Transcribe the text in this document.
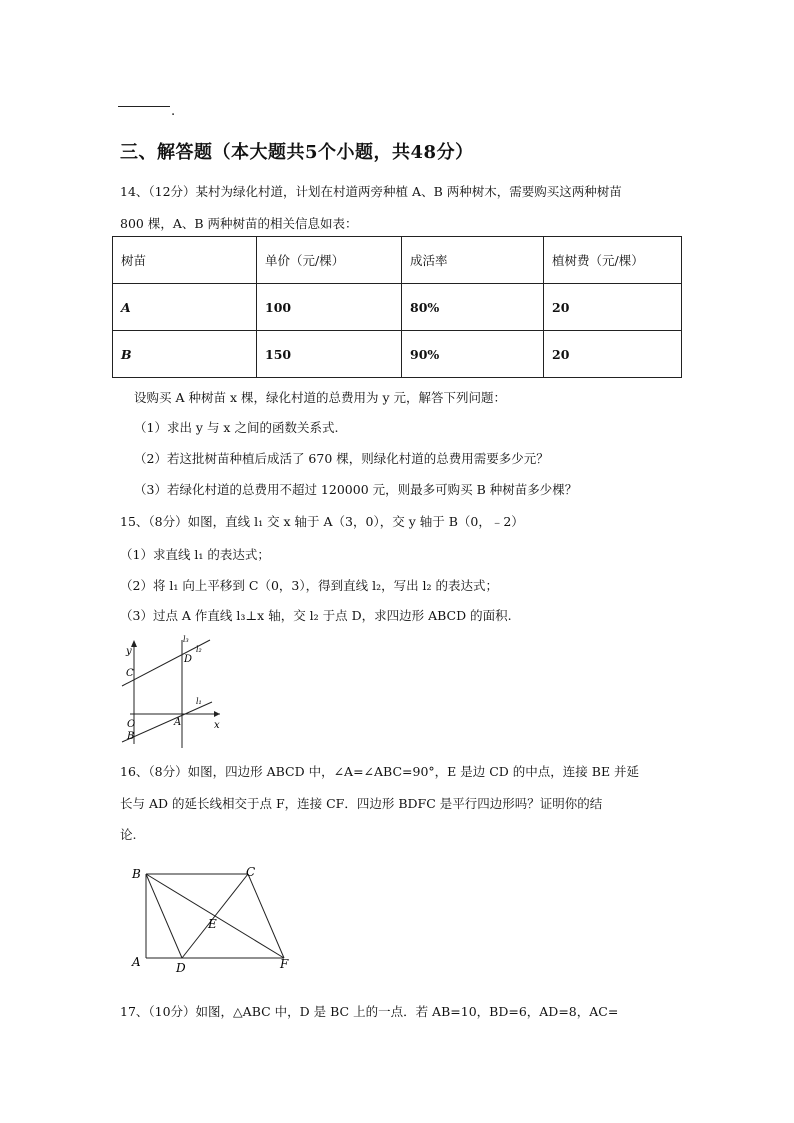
.
三、解答题（本大题共5个小题，共48分）
14、（12分）某村为绿化村道，计划在村道两旁种植 A、B 两种树木，需要购买这两种树苗
800 棵，A、B 两种树苗的相关信息如表：
树苗	单价（元/棵）	成活率	植树费（元/棵）
A	100	80%	20
B	150	90%	20
设购买 A 种树苗 x 棵，绿化村道的总费用为 y 元，解答下列问题：
（1）求出 y 与 x 之间的函数关系式.
（2）若这批树苗种植后成活了 670 棵，则绿化村道的总费用需要多少元？
（3）若绿化村道的总费用不超过 120000 元，则最多可购买 B 种树苗多少棵？
15、（8分）如图，直线 l₁ 交 x 轴于 A（3，0），交 y 轴于 B（0，﹣2）
（1）求直线 l₁ 的表达式；
（2）将 l₁ 向上平移到 C（0，3），得到直线 l₂，写出 l₂ 的表达式；
（3）过点 A 作直线 l₃⊥x 轴，交 l₂ 于点 D，求四边形 ABCD 的面积.
y
x
C
O
B
A
D
l₁
l₂
l₃
16、（8分）如图，四边形 ABCD 中，∠A=∠ABC=90°，E 是边 CD 的中点，连接 BE 并延
长与 AD 的延长线相交于点 F，连接 CF．四边形 BDFC 是平行四边形吗？证明你的结
论.
B	C
E
A	D	F
17、（10分）如图，△ABC 中，D 是 BC 上的一点．若 AB=10，BD=6，AD=8，AC=
